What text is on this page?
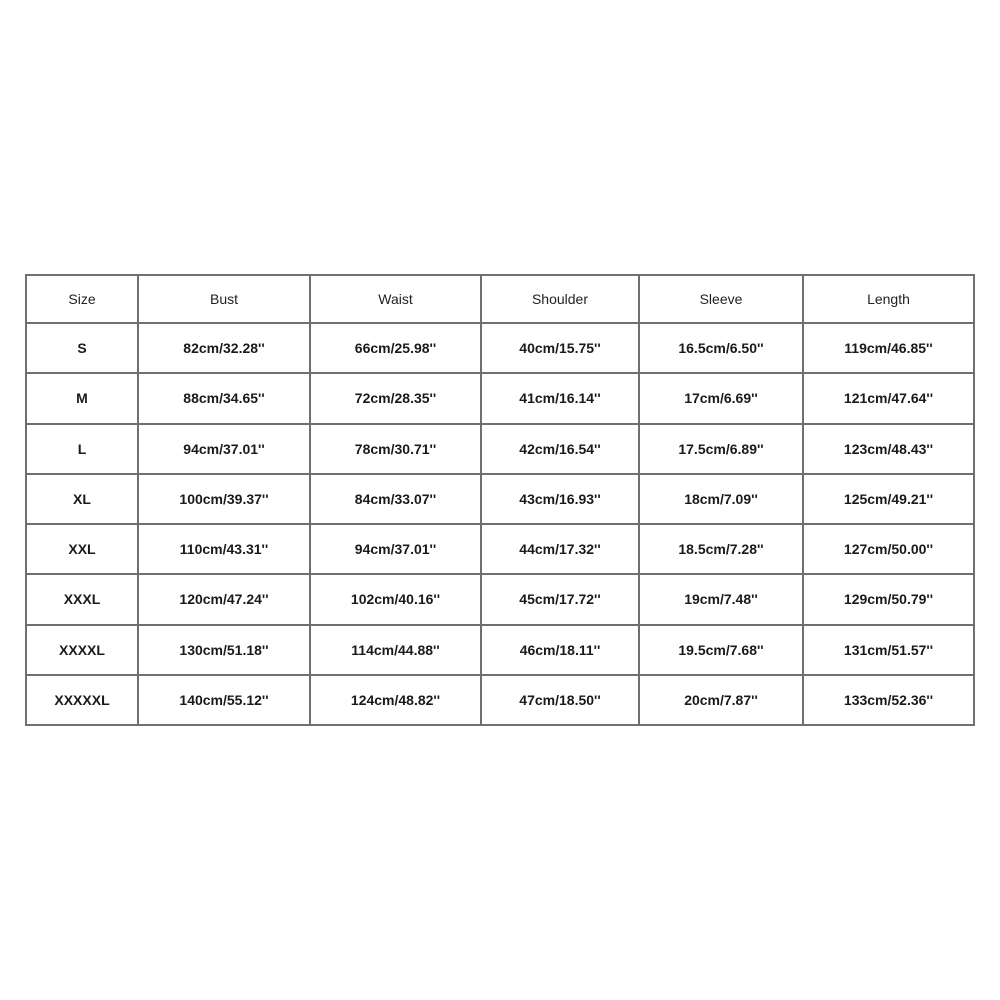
Size	Bust	Waist	Shoulder	Sleeve	Length
S	82cm/32.28''	66cm/25.98''	40cm/15.75''	16.5cm/6.50''	119cm/46.85''
M	88cm/34.65''	72cm/28.35''	41cm/16.14''	17cm/6.69''	121cm/47.64''
L	94cm/37.01''	78cm/30.71''	42cm/16.54''	17.5cm/6.89''	123cm/48.43''
XL	100cm/39.37''	84cm/33.07''	43cm/16.93''	18cm/7.09''	125cm/49.21''
XXL	110cm/43.31''	94cm/37.01''	44cm/17.32''	18.5cm/7.28''	127cm/50.00''
XXXL	120cm/47.24''	102cm/40.16''	45cm/17.72''	19cm/7.48''	129cm/50.79''
XXXXL	130cm/51.18''	114cm/44.88''	46cm/18.11''	19.5cm/7.68''	131cm/51.57''
XXXXXL	140cm/55.12''	124cm/48.82''	47cm/18.50''	20cm/7.87''	133cm/52.36''
